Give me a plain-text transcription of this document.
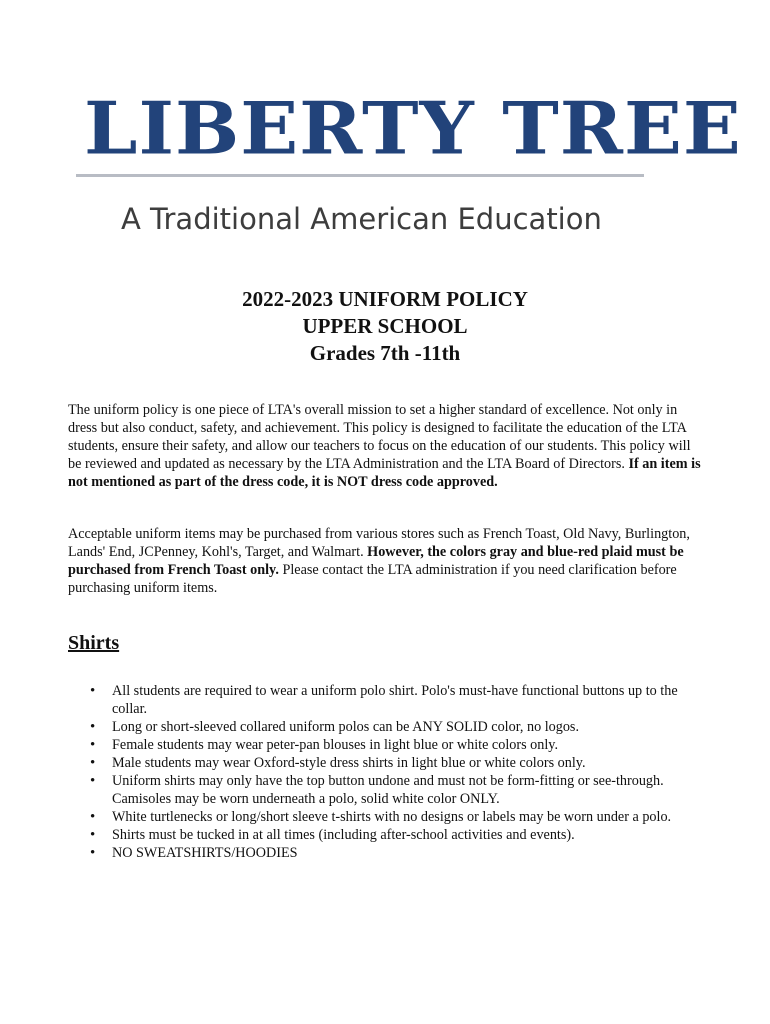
LIBERTY TREE
A Traditional American Education
2022-2023 UNIFORM POLICY
UPPER SCHOOL
Grades 7th -11th

The uniform policy is one piece of LTA's overall mission to set a higher standard of excellence. Not only in dress but also conduct, safety, and achievement. This policy is designed to facilitate the education of the LTA students, ensure their safety, and allow our teachers to focus on the education of our students. This policy will be reviewed and updated as necessary by the LTA Administration and the LTA Board of Directors. If an item is not mentioned as part of the dress code, it is NOT dress code approved.

Acceptable uniform items may be purchased from various stores such as French Toast, Old Navy, Burlington, Lands' End, JCPenney, Kohl's, Target, and Walmart. However, the colors gray and blue-red plaid must be purchased from French Toast only. Please contact the LTA administration if you need clarification before purchasing uniform items.

Shirts
• All students are required to wear a uniform polo shirt. Polo's must-have functional buttons up to the collar.
• Long or short-sleeved collared uniform polos can be ANY SOLID color, no logos.
• Female students may wear peter-pan blouses in light blue or white colors only.
• Male students may wear Oxford-style dress shirts in light blue or white colors only.
• Uniform shirts may only have the top button undone and must not be form-fitting or see-through. Camisoles may be worn underneath a polo, solid white color ONLY.
• White turtlenecks or long/short sleeve t-shirts with no designs or labels may be worn under a polo.
• Shirts must be tucked in at all times (including after-school activities and events).
• NO SWEATSHIRTS/HOODIES
